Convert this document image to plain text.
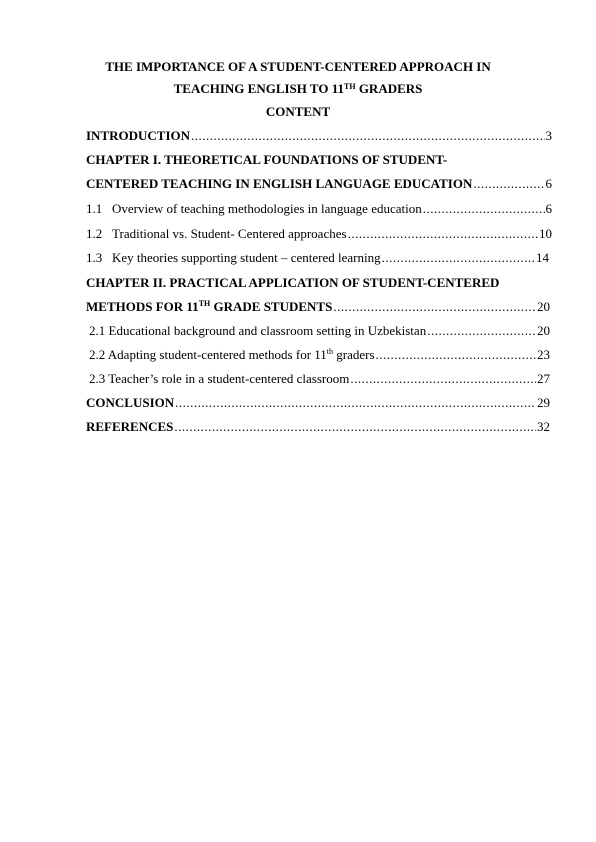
THE IMPORTANCE OF A STUDENT-CENTERED APPROACH IN
TEACHING ENGLISH TO 11TH GRADERS
CONTENT
INTRODUCTION .....	3
CHAPTER I. THEORETICAL FOUNDATIONS OF STUDENT-
CENTERED TEACHING IN ENGLISH LANGUAGE EDUCATION .....	6
1.1 Overview of teaching methodologies in language education .....	6
1.2 Traditional vs. Student- Centered approaches .....	10
1.3 Key theories supporting student – centered learning .....	14
CHAPTER II. PRACTICAL APPLICATION OF STUDENT-CENTERED
METHODS FOR 11TH GRADE STUDENTS .....	20
2.1 Educational background and classroom setting in Uzbekistan .....	20
2.2 Adapting student-centered methods for 11th graders .....	23
2.3 Teacher’s role in a student-centered classroom .....	27
CONCLUSION .....	29
REFERENCES .....	32
